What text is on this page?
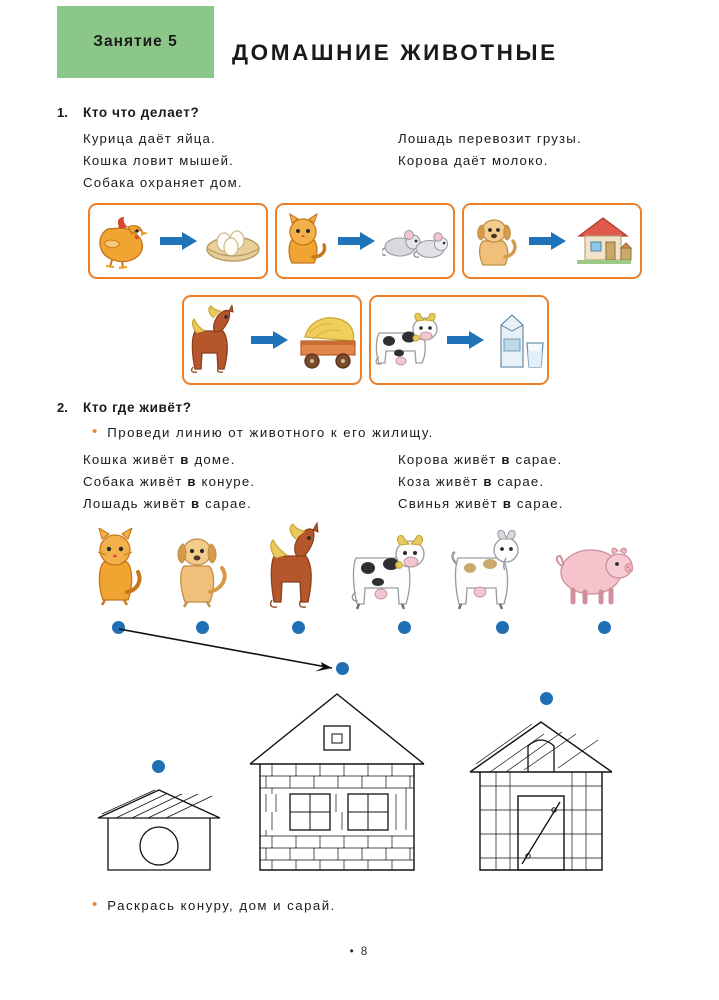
Занятие 5 ДОМАШНИЕ ЖИВОТНЫЕ
1. Кто что делает?
Курица даёт яйца.
Кошка ловит мышей.
Собака охраняет дом.
Лошадь перевозит грузы.
Корова даёт молоко.
2. Кто где живёт?
• Проведи линию от животного к его жилищу.
Кошка живёт в доме.
Собака живёт в конуре.
Лошадь живёт в сарае.
Корова живёт в сарае.
Коза живёт в сарае.
Свинья живёт в сарае.
• Раскрась конуру, дом и сарай.
• 8
